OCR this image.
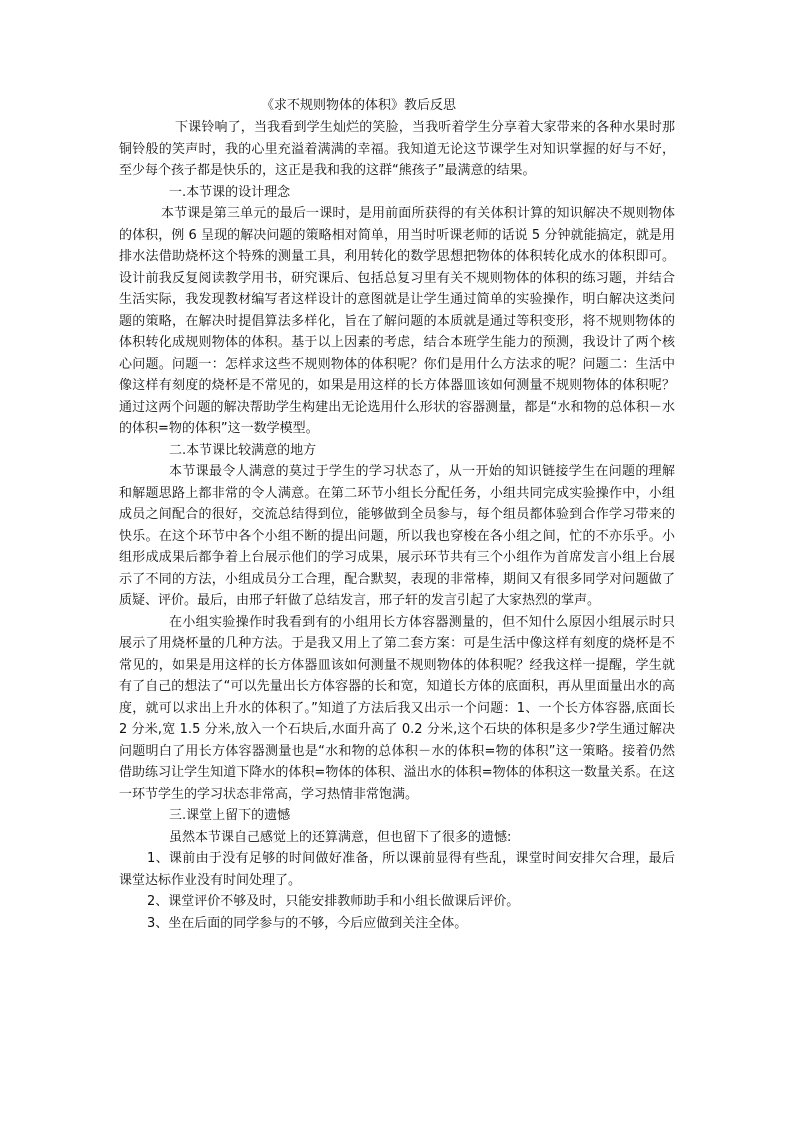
《求不规则物体的体积》教后反思

下课铃响了，当我看到学生灿烂的笑脸，当我听着学生分享着大家带来的各种水果时那铜铃般的笑声时，我的心里充溢着满满的幸福。我知道无论这节课学生对知识掌握的好与不好，至少每个孩子都是快乐的，这正是我和我的这群“熊孩子”最满意的结果。

一.本节课的设计理念

本节课是第三单元的最后一课时，是用前面所获得的有关体积计算的知识解决不规则物体的体积，例 6 呈现的解决问题的策略相对简单，用当时听课老师的话说 5 分钟就能搞定，就是用排水法借助烧杯这个特殊的测量工具，利用转化的数学思想把物体的体积转化成水的体积即可。设计前我反复阅读教学用书，研究课后、包括总复习里有关不规则物体的体积的练习题，并结合生活实际，我发现教材编写者这样设计的意图就是让学生通过简单的实验操作，明白解决这类问题的策略，在解决时提倡算法多样化，旨在了解问题的本质就是通过等积变形，将不规则物体的体积转化成规则物体的体积。基于以上因素的考虑，结合本班学生能力的预测，我设计了两个核心问题。问题一：怎样求这些不规则物体的体积呢？你们是用什么方法求的呢？问题二：生活中像这样有刻度的烧杯是不常见的，如果是用这样的长方体器皿该如何测量不规则物体的体积呢？通过这两个问题的解决帮助学生构建出无论选用什么形状的容器测量，都是“水和物的总体积－水的体积=物的体积”这一数学模型。

二.本节课比较满意的地方

本节课最令人满意的莫过于学生的学习状态了，从一开始的知识链接学生在问题的理解和解题思路上都非常的令人满意。在第二环节小组长分配任务，小组共同完成实验操作中，小组成员之间配合的很好，交流总结得到位，能够做到全员参与，每个组员都体验到合作学习带来的快乐。在这个环节中各个小组不断的提出问题，所以我也穿梭在各小组之间，忙的不亦乐乎。小组形成成果后都争着上台展示他们的学习成果，展示环节共有三个小组作为首席发言小组上台展示了不同的方法，小组成员分工合理，配合默契，表现的非常棒，期间又有很多同学对问题做了质疑、评价。最后，由邢子轩做了总结发言，邢子轩的发言引起了大家热烈的掌声。

在小组实验操作时我看到有的小组用长方体容器测量的，但不知什么原因小组展示时只展示了用烧杯量的几种方法。于是我又用上了第二套方案：可是生活中像这样有刻度的烧杯是不常见的，如果是用这样的长方体器皿该如何测量不规则物体的体积呢？经我这样一提醒，学生就有了自己的想法了“可以先量出长方体容器的长和宽，知道长方体的底面积，再从里面量出水的高度，就可以求出上升水的体积了。”知道了方法后我又出示一个问题：1、一个长方体容器,底面长 2 分米,宽 1.5 分米,放入一个石块后,水面升高了 0.2 分米,这个石块的体积是多少?学生通过解决问题明白了用长方体容器测量也是“水和物的总体积－水的体积=物的体积”这一策略。接着仍然借助练习让学生知道下降水的体积=物体的体积、溢出水的体积=物体的体积这一数量关系。在这一环节学生的学习状态非常高，学习热情非常饱满。

三.课堂上留下的遗憾

虽然本节课自己感觉上的还算满意，但也留下了很多的遗憾:

1、课前由于没有足够的时间做好准备，所以课前显得有些乱，课堂时间安排欠合理，最后课堂达标作业没有时间处理了。

2、课堂评价不够及时，只能安排教师助手和小组长做课后评价。

3、坐在后面的同学参与的不够，今后应做到关注全体。
